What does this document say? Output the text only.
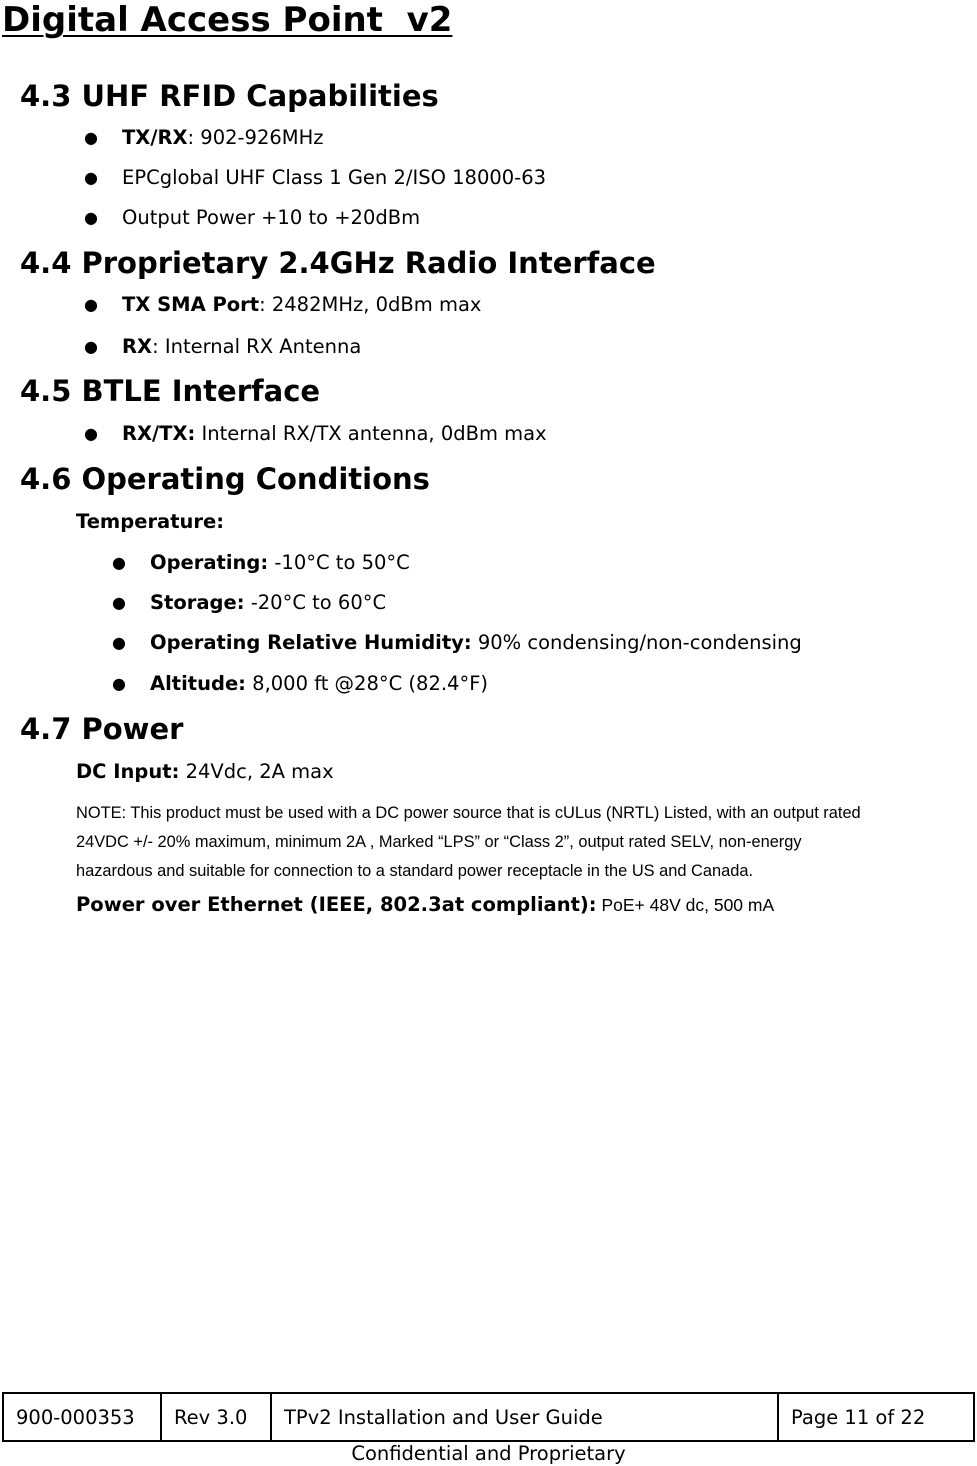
Digital Access Point  v2
4.3 UHF RFID Capabilities
● TX/RX: 902-926MHz
● EPCglobal UHF Class 1 Gen 2/ISO 18000-63
● Output Power +10 to +20dBm
4.4 Proprietary 2.4GHz Radio Interface
● TX SMA Port: 2482MHz, 0dBm max
● RX: Internal RX Antenna
4.5 BTLE Interface
● RX/TX: Internal RX/TX antenna, 0dBm max
4.6 Operating Conditions
Temperature:
● Operating: -10°C to 50°C
● Storage: -20°C to 60°C
● Operating Relative Humidity: 90% condensing/non-condensing
● Altitude: 8,000 ft @28°C (82.4°F)
4.7 Power
DC Input: 24Vdc, 2A max
NOTE: This product must be used with a DC power source that is cULus (NRTL) Listed, with an output rated
24VDC +/- 20% maximum, minimum 2A , Marked “LPS” or “Class 2”, output rated SELV, non-energy
hazardous and suitable for connection to a standard power receptacle in the US and Canada.
Power over Ethernet (IEEE, 802.3at compliant): PoE+ 48V dc, 500 mA
900-000353	Rev 3.0	TPv2 Installation and User Guide	Page 11 of 22
Confidential and Proprietary
